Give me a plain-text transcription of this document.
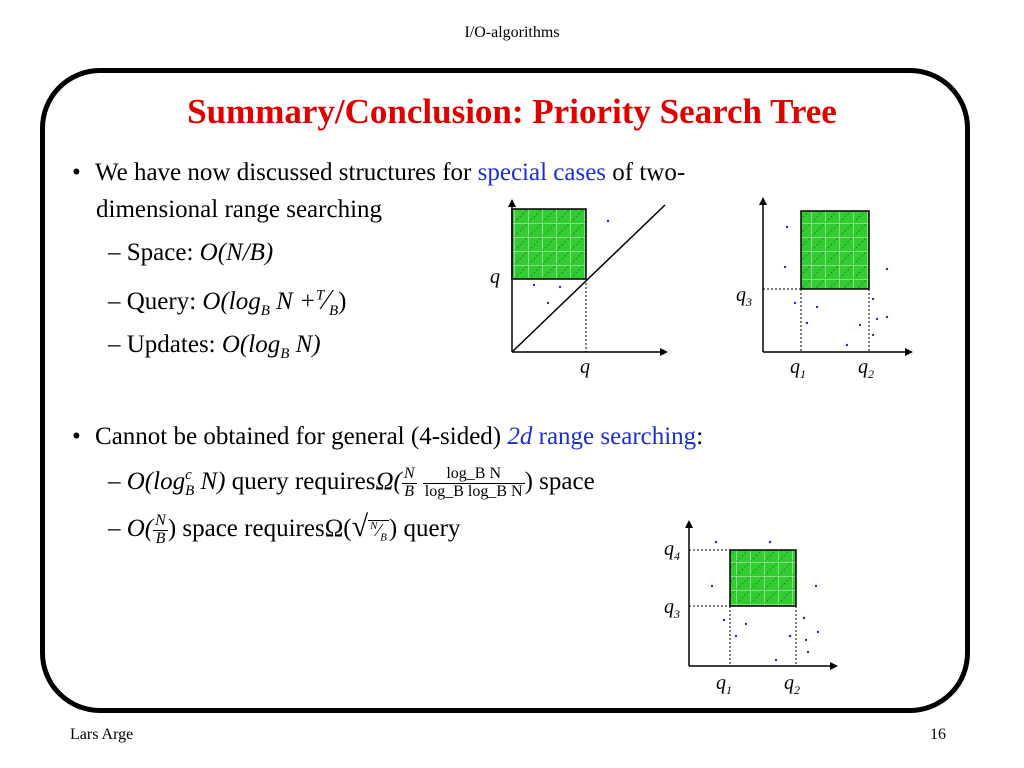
I/O-algorithms
Summary/Conclusion: Priority Search Tree
• We have now discussed structures for special cases of two-
dimensional range searching
– Space: O(N/B)
– Query: $O(\log_B$ $N +^T⁄_B$)
– Updates: $O(\log_B$ N)
• Cannot be obtained for general (4-sided) 2d range searching:
– O(log c
B N) query requiresΩ( $\frac{N}{B}$
$\frac{\text{log\_B N}}{\text{log\_B log\_B N}}$ ) space
– $O( \frac{N}{B}$ ) space requiresΩ(√ $^N⁄_B$) query
q
q
$q_3$
$q_1$	$q_2$
$q_4$
$q_3$
$q_1$	$q_2$
Lars Arge	16
